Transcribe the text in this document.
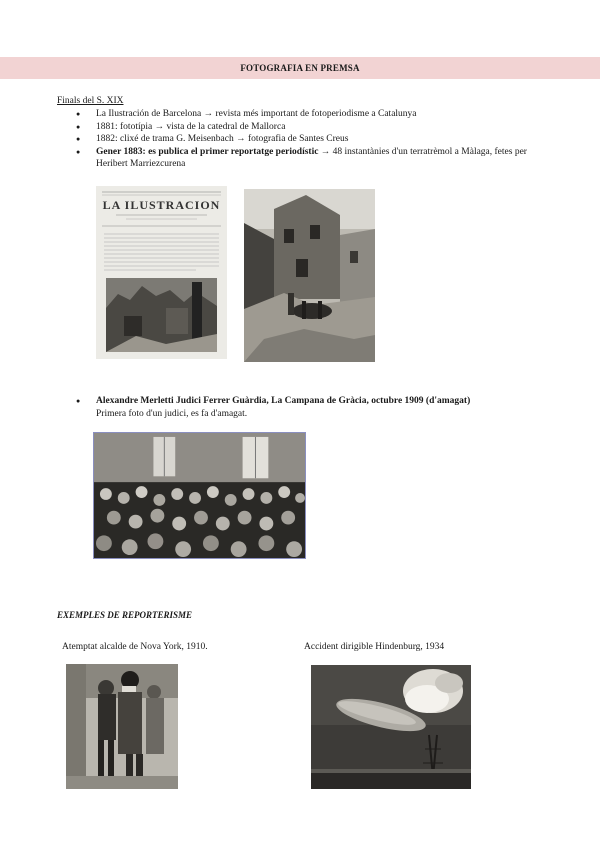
FOTOGRAFIA EN PREMSA
Finals del S. XIX
● La Ilustración de Barcelona → revista més important de fotoperiodisme a Catalunya
● 1881: fototípia → vista de la catedral de Mallorca
● 1882: clixé de trama G. Meisenbach → fotografia de Santes Creus
● Gener 1883: es publica el primer reportatge periodístic → 48 instantànies d'un terratrèmol a Màlaga, fetes per
Heribert Marriezcurena
LA ILUSTRACION
● Alexandre Merletti Judici Ferrer Guàrdia, La Campana de Gràcia, octubre 1909 (d'amagat)
Primera foto d'un judici, es fa d'amagat.
EXEMPLES DE REPORTERISME
Atemptat alcalde de Nova York, 1910.	Accident dirigible Hindenburg, 1934
